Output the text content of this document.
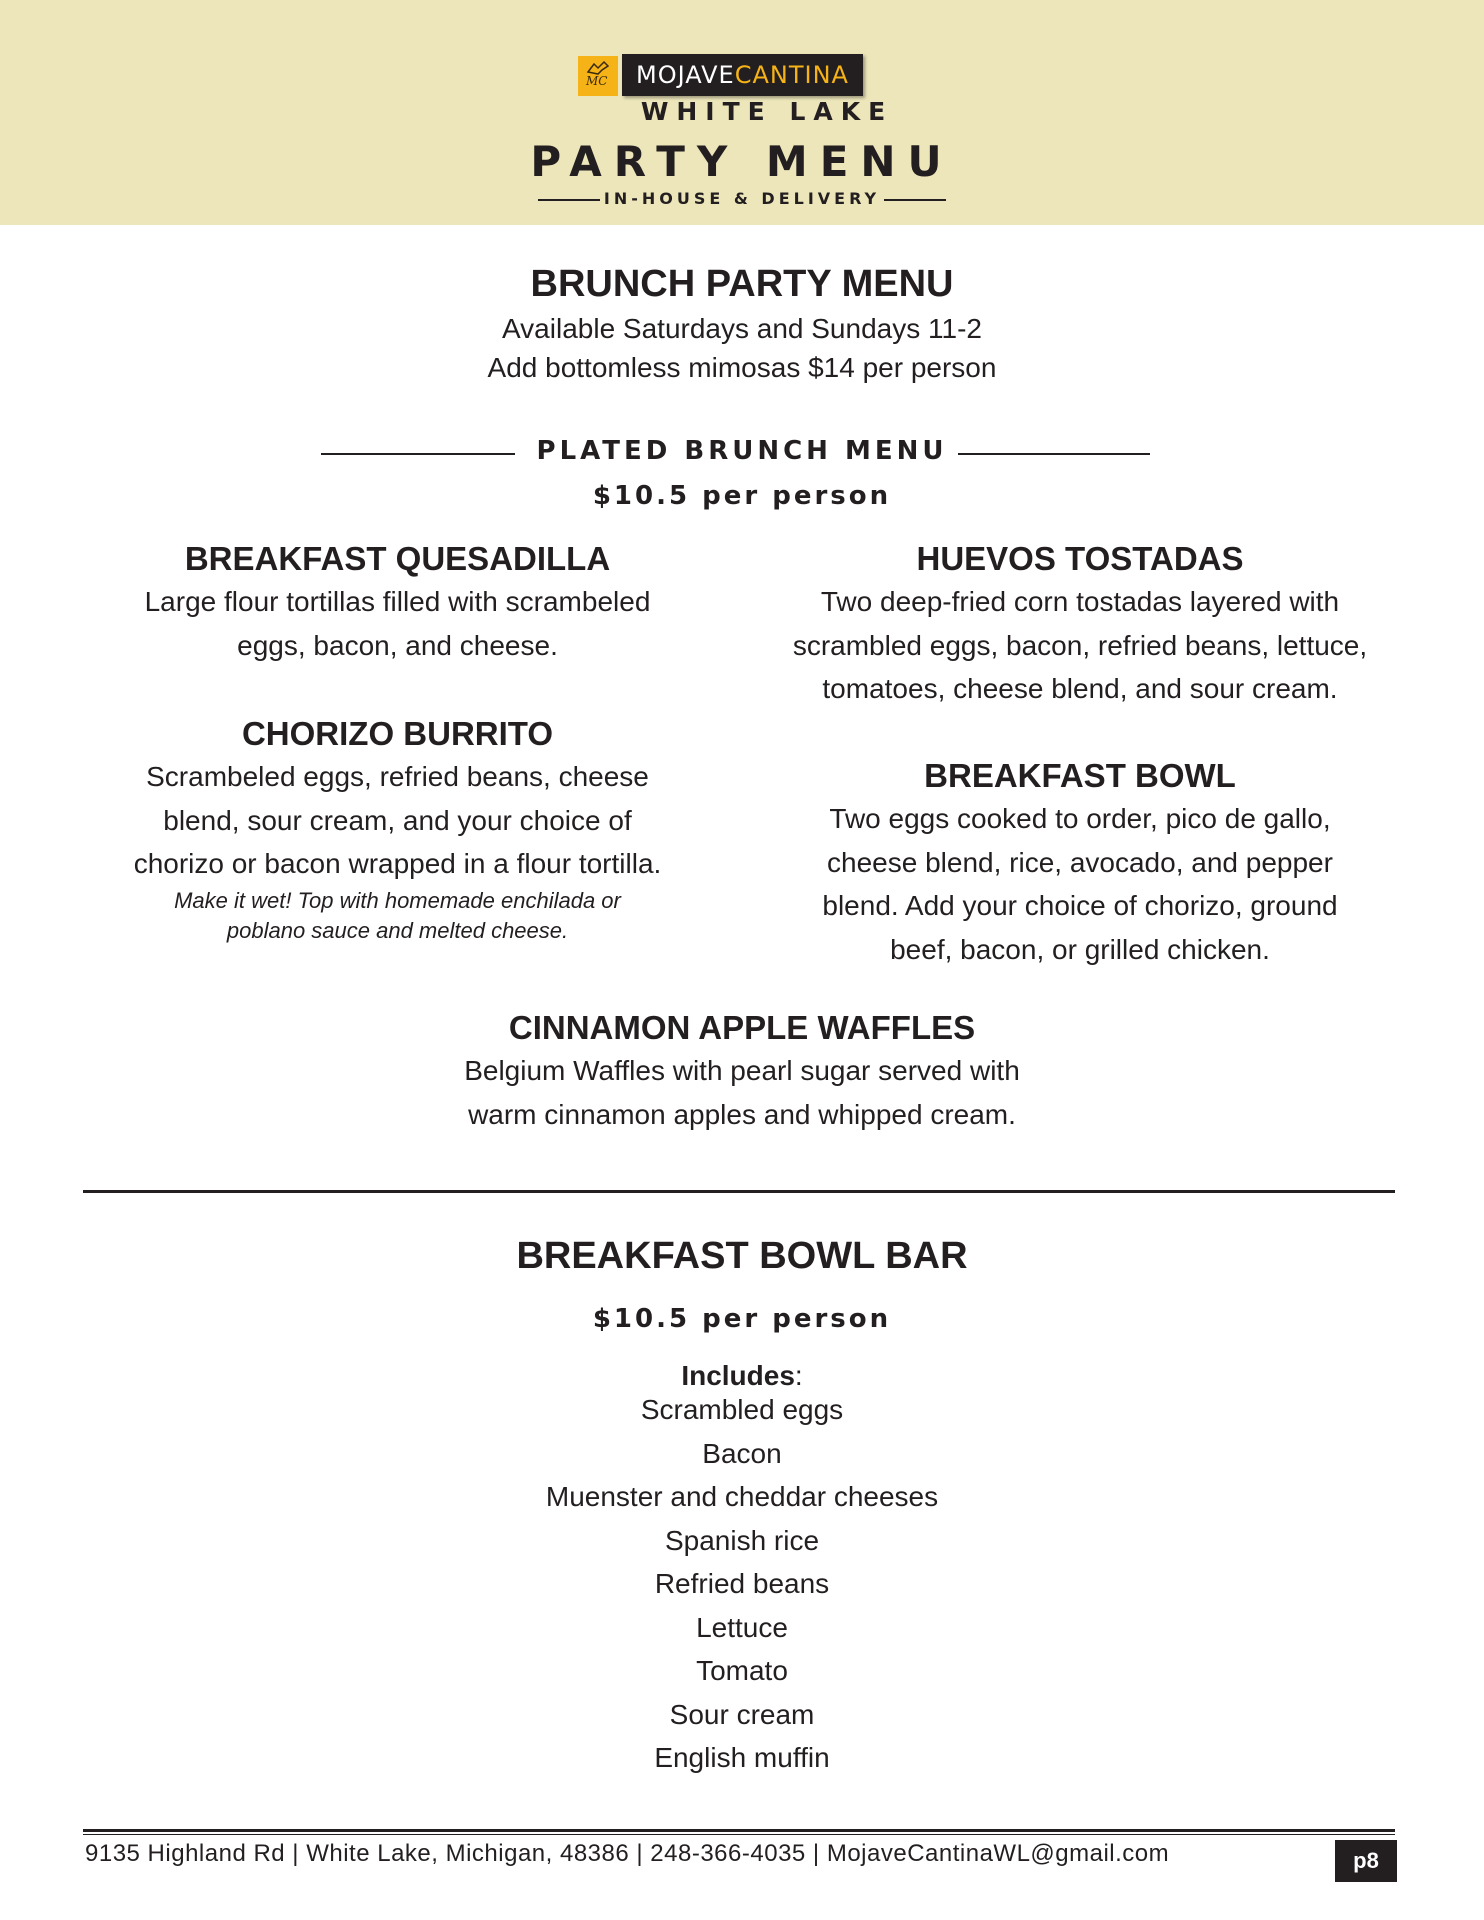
MC MOJAVE CANTINA
WHITE LAKE
PARTY MENU
IN-HOUSE & DELIVERY
BRUNCH PARTY MENU
Available Saturdays and Sundays 11-2
Add bottomless mimosas $14 per person
PLATED BRUNCH MENU
$10.5 per person
BREAKFAST QUESADILLA
Large flour tortillas filled with scrambeled
eggs, bacon, and cheese.
CHORIZO BURRITO
Scrambeled eggs, refried beans, cheese
blend, sour cream, and your choice of
chorizo or bacon wrapped in a flour tortilla.
Make it wet! Top with homemade enchilada or
poblano sauce and melted cheese.
HUEVOS TOSTADAS
Two deep-fried corn tostadas layered with
scrambled eggs, bacon, refried beans, lettuce,
tomatoes, cheese blend, and sour cream.
BREAKFAST BOWL
Two eggs cooked to order, pico de gallo,
cheese blend, rice, avocado, and pepper
blend. Add your choice of chorizo, ground
beef, bacon, or grilled chicken.
CINNAMON APPLE WAFFLES
Belgium Waffles with pearl sugar served with
warm cinnamon apples and whipped cream.
BREAKFAST BOWL BAR
$10.5 per person
Includes:
Scrambled eggs
Bacon
Muenster and cheddar cheeses
Spanish rice
Refried beans
Lettuce
Tomato
Sour cream
English muffin
9135 Highland Rd | White Lake, Michigan, 48386 | 248-366-4035 | MojaveCantinaWL@gmail.com	p8
